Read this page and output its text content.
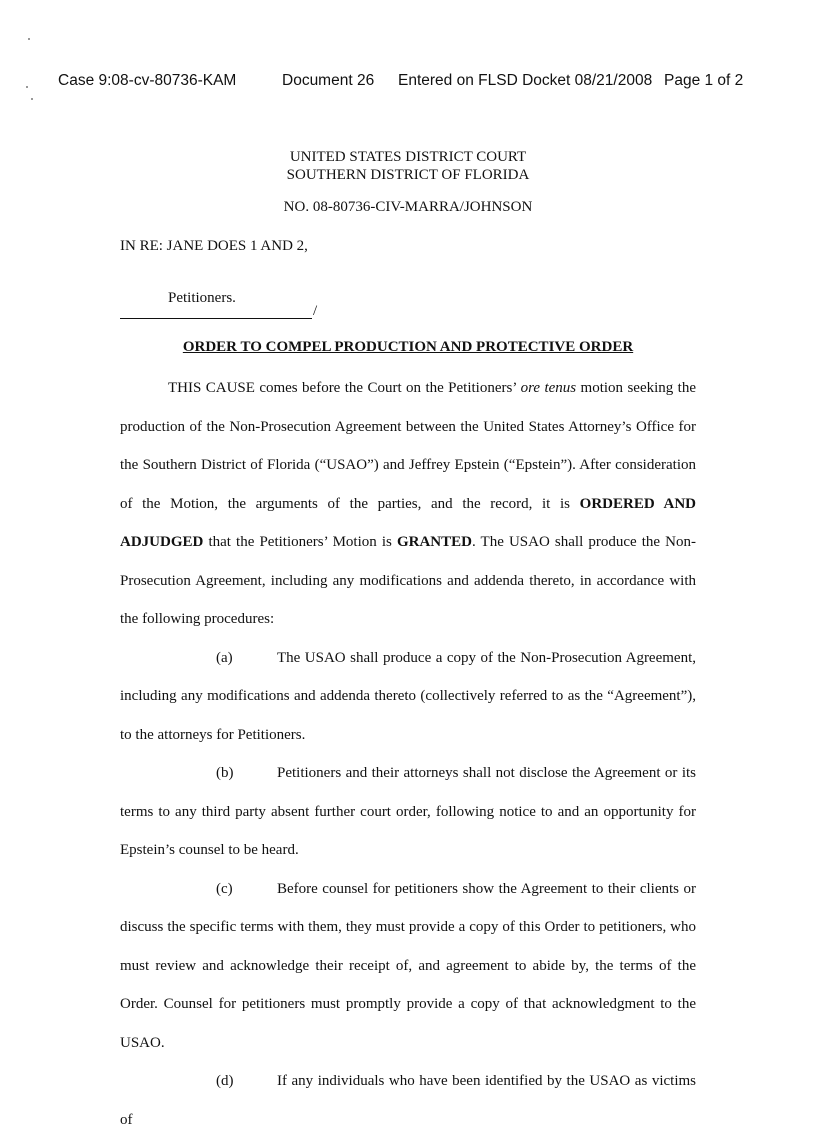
Case 9:08-cv-80736-KAM	Document 26 Entered on FLSD Docket 08/21/2008 Page 1 of 2
UNITED STATES DISTRICT COURT
SOUTHERN DISTRICT OF FLORIDA
NO. 08-80736-CIV-MARRA/JOHNSON
IN RE: JANE DOES 1 AND 2,
Petitioners.
/
ORDER TO COMPEL PRODUCTION AND PROTECTIVE ORDER

THIS CAUSE comes before the Court on the Petitioners’ ore tenus motion seeking the production of the Non-Prosecution Agreement between the United States Attorney’s Office for the Southern District of Florida (“USAO”) and Jeffrey Epstein (“Epstein”). After consideration of the Motion, the arguments of the parties, and the record, it is ORDERED AND ADJUDGED that the Petitioners’ Motion is GRANTED. The USAO shall produce the Non-Prosecution Agreement, including any modifications and addenda thereto, in accordance with the following procedures:

(a)	The USAO shall produce a copy of the Non-Prosecution Agreement, including any modifications and addenda thereto (collectively referred to as the “Agreement”), to the attorneys for Petitioners.

(b)	Petitioners and their attorneys shall not disclose the Agreement or its terms to any third party absent further court order, following notice to and an opportunity for Epstein’s counsel to be heard.

(c)	Before counsel for petitioners show the Agreement to their clients or discuss the specific terms with them, they must provide a copy of this Order to petitioners, who must review and acknowledge their receipt of, and agreement to abide by, the terms of the Order. Counsel for petitioners must promptly provide a copy of that acknowledgment to the USAO.

(d)	If any individuals who have been identified by the USAO as victims of
